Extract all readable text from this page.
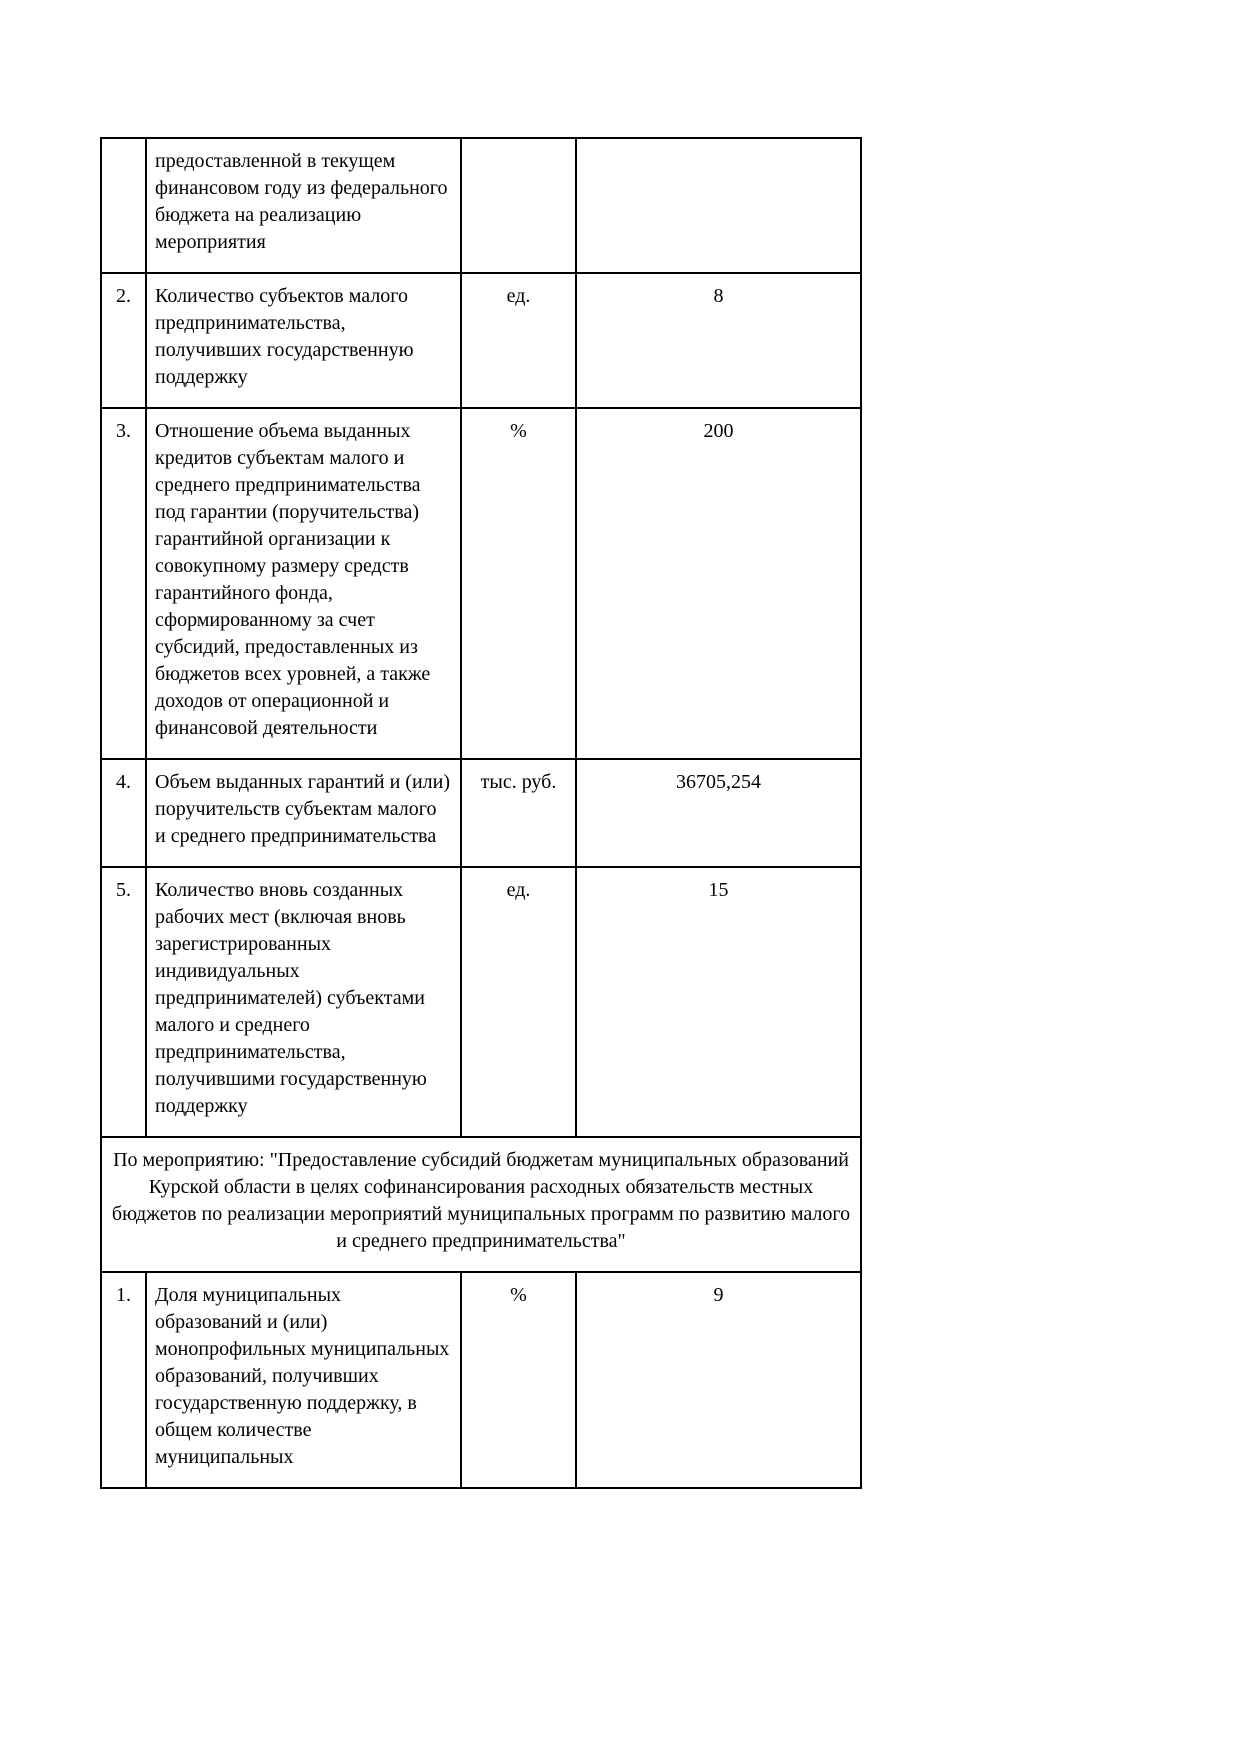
	предоставленной в текущем финансовом году из федерального бюджета на реализацию мероприятия		
2.	Количество субъектов малого предпринимательства, получивших государственную поддержку	ед.	8
3.	Отношение объема выданных кредитов субъектам малого и среднего предпринимательства под гарантии (поручительства) гарантийной организации к совокупному размеру средств гарантийного фонда, сформированному за счет субсидий, предоставленных из бюджетов всех уровней, а также доходов от операционной и финансовой деятельности	%	200
4.	Объем выданных гарантий и (или) поручительств субъектам малого и среднего предпринимательства	тыс. руб.	36705,254
5.	Количество вновь созданных рабочих мест (включая вновь зарегистрированных индивидуальных предпринимателей) субъектами малого и среднего предпринимательства, получившими государственную поддержку	ед.	15
По мероприятию: "Предоставление субсидий бюджетам муниципальных образований Курской области в целях софинансирования расходных обязательств местных бюджетов по реализации мероприятий муниципальных программ по развитию малого и среднего предпринимательства"			
1.	Доля муниципальных образований и (или) монопрофильных муниципальных образований, получивших государственную поддержку, в общем количестве муниципальных	%	9
